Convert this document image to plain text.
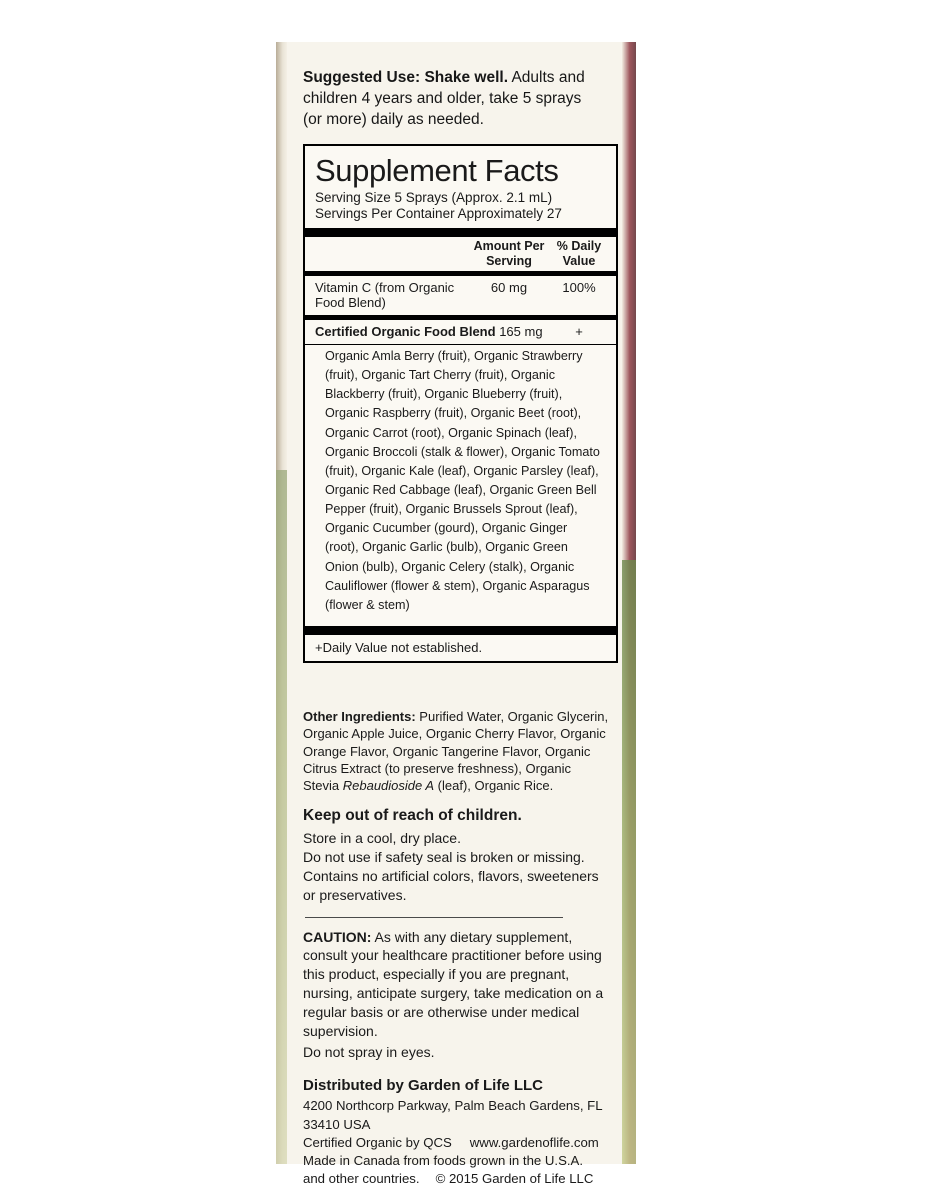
Suggested Use: Shake well. Adults and children 4 years and older, take 5 sprays (or more) daily as needed.
Supplement Facts
Serving Size 5 Sprays (Approx. 2.1 mL)
Servings Per Container Approximately 27
Amount Per
Serving
% Daily
Value
Vitamin C (from Organic Food Blend)
60 mg	100%
Certified Organic Food Blend 165 mg	+
Organic Amla Berry (fruit), Organic Strawberry (fruit), Organic Tart Cherry (fruit), Organic Blackberry (fruit), Organic Blueberry (fruit), Organic Raspberry (fruit), Organic Beet (root), Organic Carrot (root), Organic Spinach (leaf), Organic Broccoli (stalk & flower), Organic Tomato (fruit), Organic Kale (leaf), Organic Parsley (leaf), Organic Red Cabbage (leaf), Organic Green Bell Pepper (fruit), Organic Brussels Sprout (leaf), Organic Cucumber (gourd), Organic Ginger (root), Organic Garlic (bulb), Organic Green Onion (bulb), Organic Celery (stalk), Organic Cauliflower (flower & stem), Organic Asparagus (flower & stem)
+Daily Value not established.
Other Ingredients: Purified Water, Organic Glycerin, Organic Apple Juice, Organic Cherry Flavor, Organic Orange Flavor, Organic Tangerine Flavor, Organic Citrus Extract (to preserve freshness), Organic Stevia Rebaudioside A (leaf), Organic Rice.
Keep out of reach of children.
Store in a cool, dry place.
Do not use if safety seal is broken or missing.
Contains no artificial colors, flavors, sweeteners
or preservatives.
CAUTION: As with any dietary supplement, consult your healthcare practitioner before using this product, especially if you are pregnant, nursing, anticipate surgery, take medication on a regular basis or are otherwise under medical supervision.
Do not spray in eyes.
Distributed by Garden of Life LLC
4200 Northcorp Parkway, Palm Beach Gardens, FL 33410 USA
Certified Organic by QCS www.gardenoflife.com
Made in Canada from foods grown in the U.S.A.
and other countries. © 2015 Garden of Life LLC
